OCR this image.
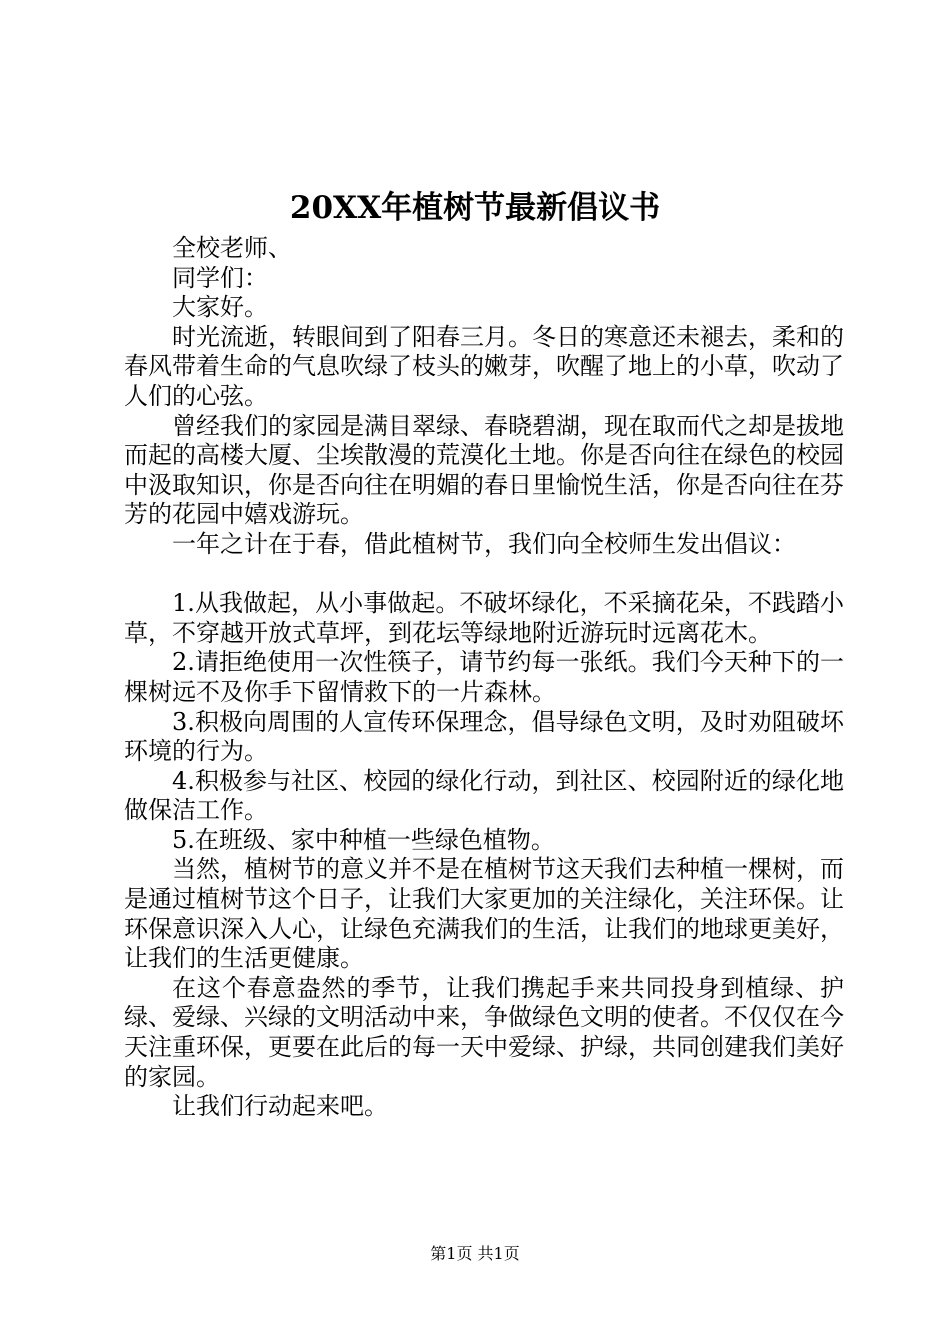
20XX年植树节最新倡议书

全校老师、

同学们：

大家好。

时光流逝，转眼间到了阳春三月。冬日的寒意还未褪去，柔和的春风带着生命的气息吹绿了枝头的嫩芽，吹醒了地上的小草，吹动了人们的心弦。

曾经我们的家园是满目翠绿、春晓碧湖，现在取而代之却是拔地而起的高楼大厦、尘埃散漫的荒漠化土地。你是否向往在绿色的校园中汲取知识，你是否向往在明媚的春日里愉悦生活，你是否向往在芬芳的花园中嬉戏游玩。

一年之计在于春，借此植树节，我们向全校师生发出倡议：

1.从我做起，从小事做起。不破坏绿化，不采摘花朵，不践踏小草，不穿越开放式草坪，到花坛等绿地附近游玩时远离花木。

2.请拒绝使用一次性筷子，请节约每一张纸。我们今天种下的一棵树远不及你手下留情救下的一片森林。

3.积极向周围的人宣传环保理念，倡导绿色文明，及时劝阻破坏环境的行为。

4.积极参与社区、校园的绿化行动，到社区、校园附近的绿化地做保洁工作。

5.在班级、家中种植一些绿色植物。

当然，植树节的意义并不是在植树节这天我们去种植一棵树，而是通过植树节这个日子，让我们大家更加的关注绿化，关注环保。让环保意识深入人心，让绿色充满我们的生活，让我们的地球更美好，让我们的生活更健康。

在这个春意盎然的季节，让我们携起手来共同投身到植绿、护绿、爱绿、兴绿的文明活动中来，争做绿色文明的使者。不仅仅在今天注重环保，更要在此后的每一天中爱绿、护绿，共同创建我们美好的家园。

让我们行动起来吧。

第1页 共1页
